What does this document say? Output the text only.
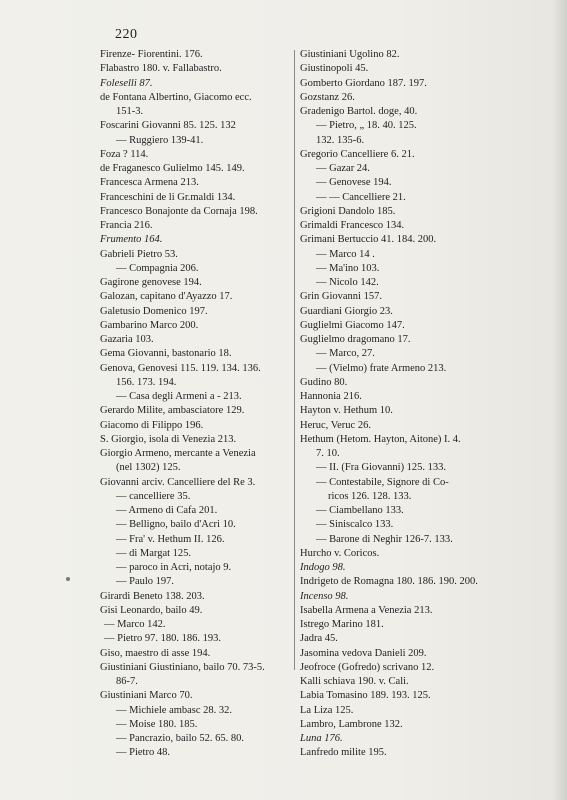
220
Firenze- Fiorentini. 176.
Flabastro 180. v. Fallabastro.
Foleselli 87.
de Fontana Albertino, Giacomo ecc.
151-3.
Foscarini Giovanni 85. 125. 132
— Ruggiero 139-41.
Foza ? 114.
de Fraganesco Gulielmo 145. 149.
Francesca Armena 213.
Franceschini de li Gr.maldi 134.
Francesco Bonajonte da Cornaja 198.
Francia 216.
Frumento 164.
Gabrieli Pietro 53.
— Compagnia 206.
Gagirone genovese 194.
Galozan, capitano d'Ayazzo 17.
Galetusio Domenico 197.
Gambarino Marco 200.
Gazaria 103.
Gema Giovanni, bastonario 18.
Genova, Genovesi 115. 119. 134. 136.
156. 173. 194.
— Casa degli Armeni a - 213.
Gerardo Milite, ambasciatore 129.
Giacomo di Filippo 196.
S. Giorgio, isola di Venezia 213.
Giorgio Armeno, mercante a Venezia
(nel 1302) 125.
Giovanni arciv. Cancelliere del Re 3.
— cancelliere 35.
— Armeno di Cafa 201.
— Belligno, bailo d'Acri 10.
— Fra' v. Hethum II. 126.
— di Margat 125.
— paroco in Acri, notajo 9.
— Paulo 197.
Girardi Beneto 138. 203.
Gisi Leonardo, bailo 49.
— Marco 142.
— Pietro 97. 180. 186. 193.
Giso, maestro di asse 194.
Giustiniani Giustiniano, bailo 70. 73-5.
86-7.
Giustiniani Marco 70.
— Michiele ambasc 28. 32.
— Moise 180. 185.
— Pancrazio, bailo 52. 65. 80.
— Pietro 48.
Giustiniani Ugolino 82.
Giustinopoli 45.
Gomberto Giordano 187. 197.
Gozstanz 26.
Gradenigo Bartol. doge, 40.
— Pietro, „ 18. 40. 125.
132. 135-6.
Gregorio Cancelliere 6. 21.
— Gazar 24.
— Genovese 194.
— — Cancelliere 21.
Grigioni Dandolo 185.
Grimaldi Francesco 134.
Grimani Bertuccio 41. 184. 200.
— Marco 14 .
— Ma'ino 103.
— Nicolo 142.
Grin Giovanni 157.
Guardiani Giorgio 23.
Guglielmi Giacomo 147.
Guglielmo dragomano 17.
— Marco, 27.
— (Vielmo) frate Armeno 213.
Gudino 80.
Hannonia 216.
Hayton v. Hethum 10.
Heruc, Veruc 26.
Hethum (Hetom. Hayton, Aitone) I. 4.
7. 10.
— II. (Fra Giovanni) 125. 133.
— Contestabile, Signore di Co-
ricos 126. 128. 133.
— Ciambellano 133.
— Siniscalco 133.
— Barone di Neghir 126-7. 133.
Hurcho v. Coricos.
Indogo 98.
Indrigeto de Romagna 180. 186. 190. 200.
Incenso 98.
Isabella Armena a Venezia 213.
Istrego Marino 181.
Jadra 45.
Jasomina vedova Danieli 209.
Jeofroce (Gofredo) scrivano 12.
Kalli schiava 190. v. Cali.
Labia Tomasino 189. 193. 125.
La Liza 125.
Lambro, Lambrone 132.
Luna 176.
Lanfredo milite 195.
